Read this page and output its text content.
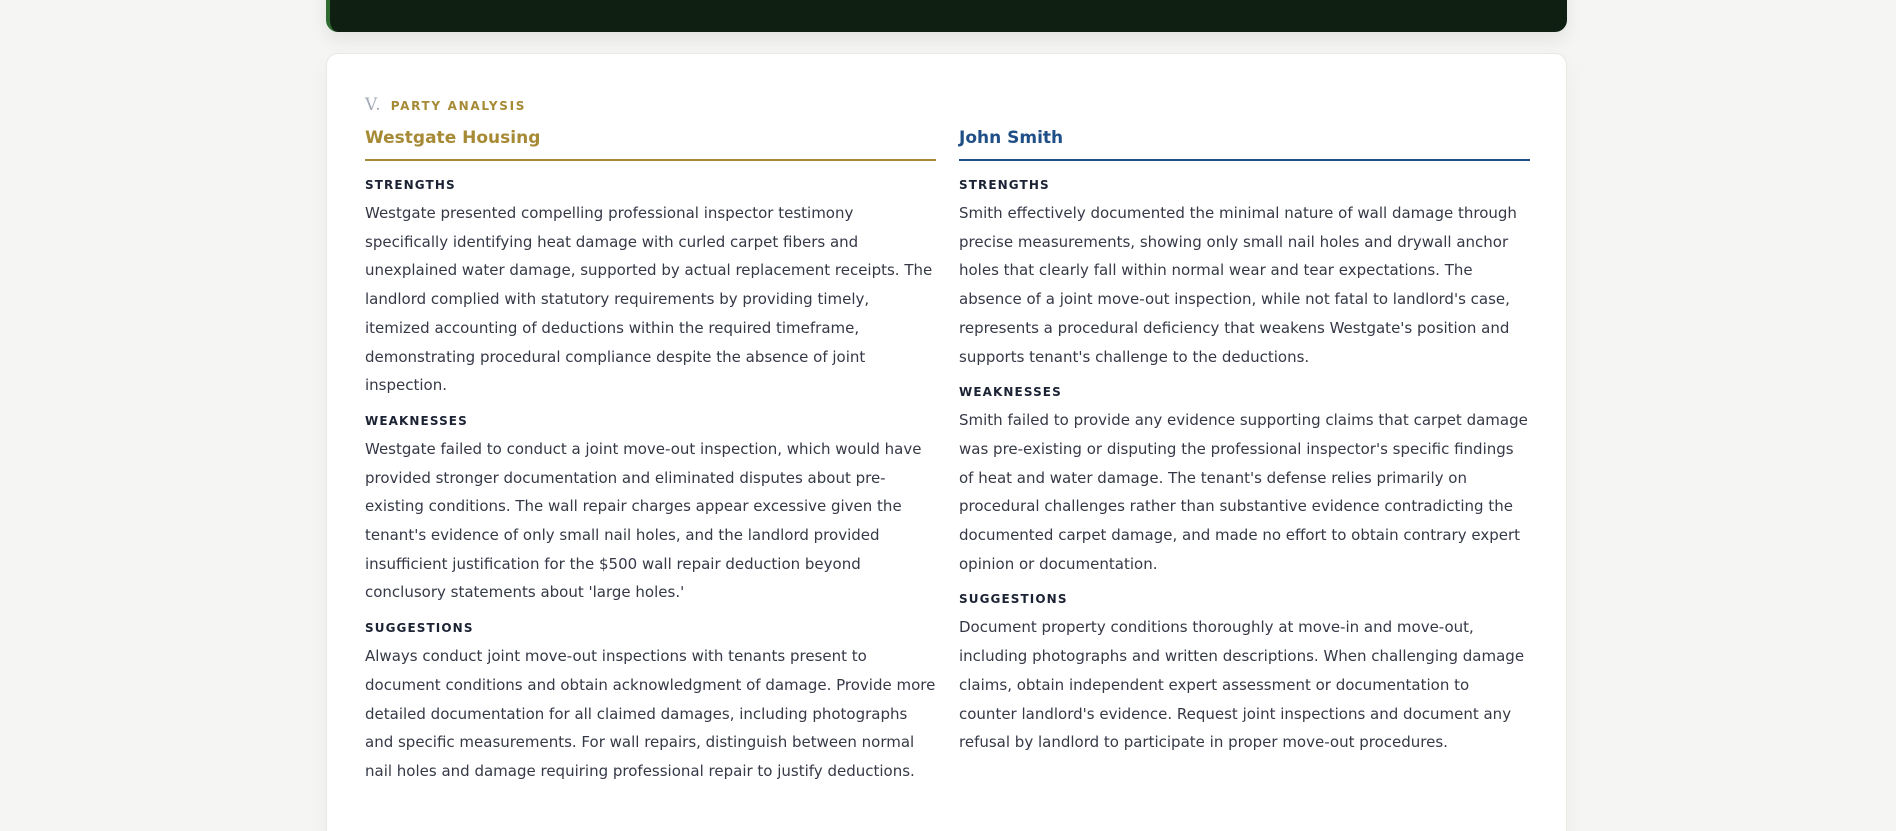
V. PARTY ANALYSIS
Westgate Housing
STRENGTHS

Westgate presented compelling professional inspector testimony specifically identifying heat damage with curled carpet fibers and unexplained water damage, supported by actual replacement receipts. The landlord complied with statutory requirements by providing timely, itemized accounting of deductions within the required timeframe, demonstrating procedural compliance despite the absence of joint inspection.

WEAKNESSES

Westgate failed to conduct a joint move-out inspection, which would have provided stronger documentation and eliminated disputes about pre-existing conditions. The wall repair charges appear excessive given the tenant's evidence of only small nail holes, and the landlord provided insufficient justification for the $500 wall repair deduction beyond conclusory statements about 'large holes.'

SUGGESTIONS

Always conduct joint move-out inspections with tenants present to document conditions and obtain acknowledgment of damage. Provide more detailed documentation for all claimed damages, including photographs and specific measurements. For wall repairs, distinguish between normal nail holes and damage requiring professional repair to justify deductions.

John Smith
STRENGTHS

Smith effectively documented the minimal nature of wall damage through precise measurements, showing only small nail holes and drywall anchor holes that clearly fall within normal wear and tear expectations. The absence of a joint move-out inspection, while not fatal to landlord's case, represents a procedural deficiency that weakens Westgate's position and supports tenant's challenge to the deductions.

WEAKNESSES

Smith failed to provide any evidence supporting claims that carpet damage was pre-existing or disputing the professional inspector's specific findings of heat and water damage. The tenant's defense relies primarily on procedural challenges rather than substantive evidence contradicting the documented carpet damage, and made no effort to obtain contrary expert opinion or documentation.

SUGGESTIONS

Document property conditions thoroughly at move-in and move-out, including photographs and written descriptions. When challenging damage claims, obtain independent expert assessment or documentation to counter landlord's evidence. Request joint inspections and document any refusal by landlord to participate in proper move-out procedures.
